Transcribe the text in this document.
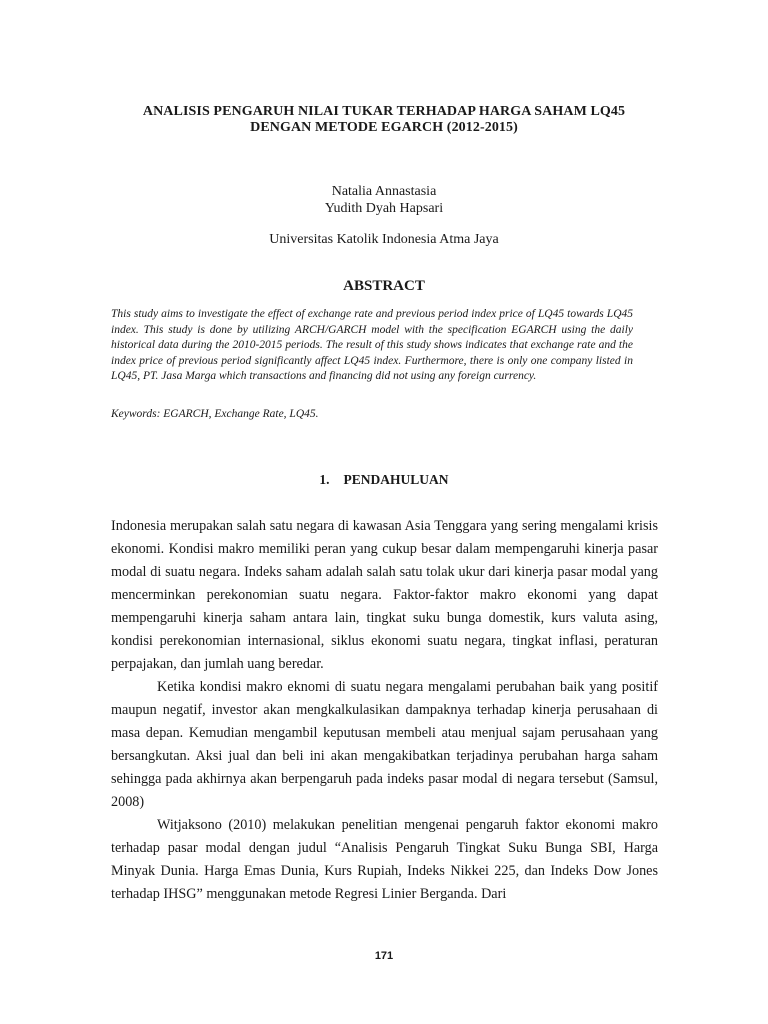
ANALISIS PENGARUH NILAI TUKAR TERHADAP HARGA SAHAM LQ45
DENGAN METODE EGARCH (2012-2015)
Natalia Annastasia
Yudith Dyah Hapsari
Universitas Katolik Indonesia Atma Jaya
ABSTRACT
This study aims to investigate the effect of exchange rate and previous period index price of LQ45 towards LQ45 index. This study is done by utilizing ARCH/GARCH model with the specification EGARCH using the daily historical data during the 2010-2015 periods. The result of this study shows indicates that exchange rate and the index price of previous period significantly affect LQ45 index. Furthermore, there is only one company listed in LQ45, PT. Jasa Marga which transactions and financing did not using any foreign currency.
Keywords: EGARCH, Exchange Rate, LQ45.
1. PENDAHULUAN

Indonesia merupakan salah satu negara di kawasan Asia Tenggara yang sering mengalami krisis ekonomi. Kondisi makro memiliki peran yang cukup besar dalam mempengaruhi kinerja pasar modal di suatu negara. Indeks saham adalah salah satu tolak ukur dari kinerja pasar modal yang mencerminkan perekonomian suatu negara. Faktor-faktor makro ekonomi yang dapat mempengaruhi kinerja saham antara lain, tingkat suku bunga domestik, kurs valuta asing, kondisi perekonomian internasional, siklus ekonomi suatu negara, tingkat inflasi, peraturan perpajakan, dan jumlah uang beredar.

Ketika kondisi makro eknomi di suatu negara mengalami perubahan baik yang positif maupun negatif, investor akan mengkalkulasikan dampaknya terhadap kinerja perusahaan di masa depan. Kemudian mengambil keputusan membeli atau menjual sajam perusahaan yang bersangkutan. Aksi jual dan beli ini akan mengakibatkan terjadinya perubahan harga saham sehingga pada akhirnya akan berpengaruh pada indeks pasar modal di negara tersebut (Samsul, 2008)

Witjaksono (2010) melakukan penelitian mengenai pengaruh faktor ekonomi makro terhadap pasar modal dengan judul “Analisis Pengaruh Tingkat Suku Bunga SBI, Harga Minyak Dunia. Harga Emas Dunia, Kurs Rupiah, Indeks Nikkei 225, dan Indeks Dow Jones terhadap IHSG” menggunakan metode Regresi Linier Berganda. Dari

171
